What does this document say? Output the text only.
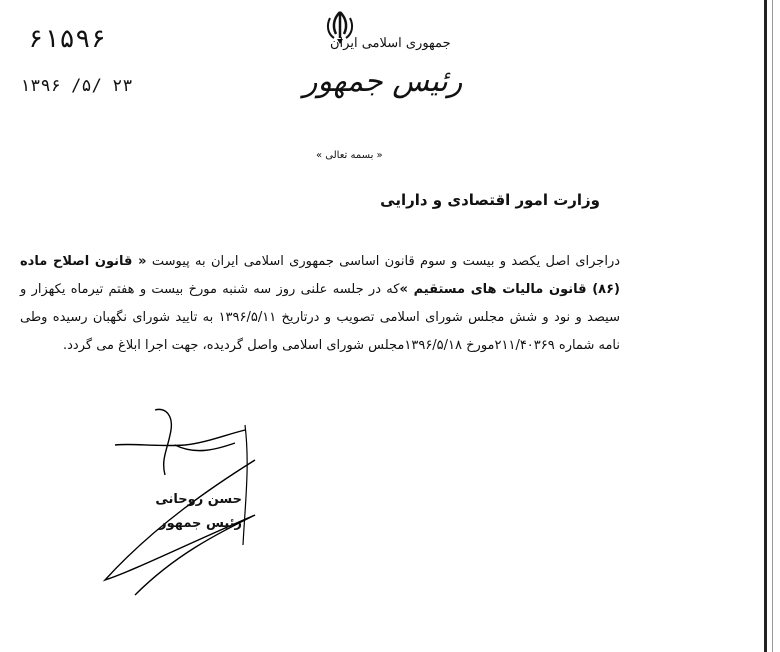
۶۱۵۹۶
۱۳۹۶ /۵/ ۲۳
جمهوری اسلامی ایران
رئیس جمهور
« بسمه تعالی »
وزارت امور اقتصادی و دارایی
دراجرای اصل یکصد و بیست و سوم قانون اساسی جمهوری اسلامی ایران به پیوست « قانون اصلاح ماده (۸۶) قانون مالیات های مستقیم »که در جلسه علنی روز سه شنبه مورخ بیست و هفتم تیرماه یکهزار و سیصد و نود و شش مجلس شورای اسلامی تصویب و درتاریخ ۱۳۹۶/۵/۱۱ به تایید شورای نگهبان رسیده وطی نامه شماره ۲۱۱/۴۰۳۶۹مورخ ۱۳۹۶/۵/۱۸مجلس شورای اسلامی واصل گردیده، جهت اجرا ابلاغ می گردد.
حسن روحانی
رئیس جمهور
